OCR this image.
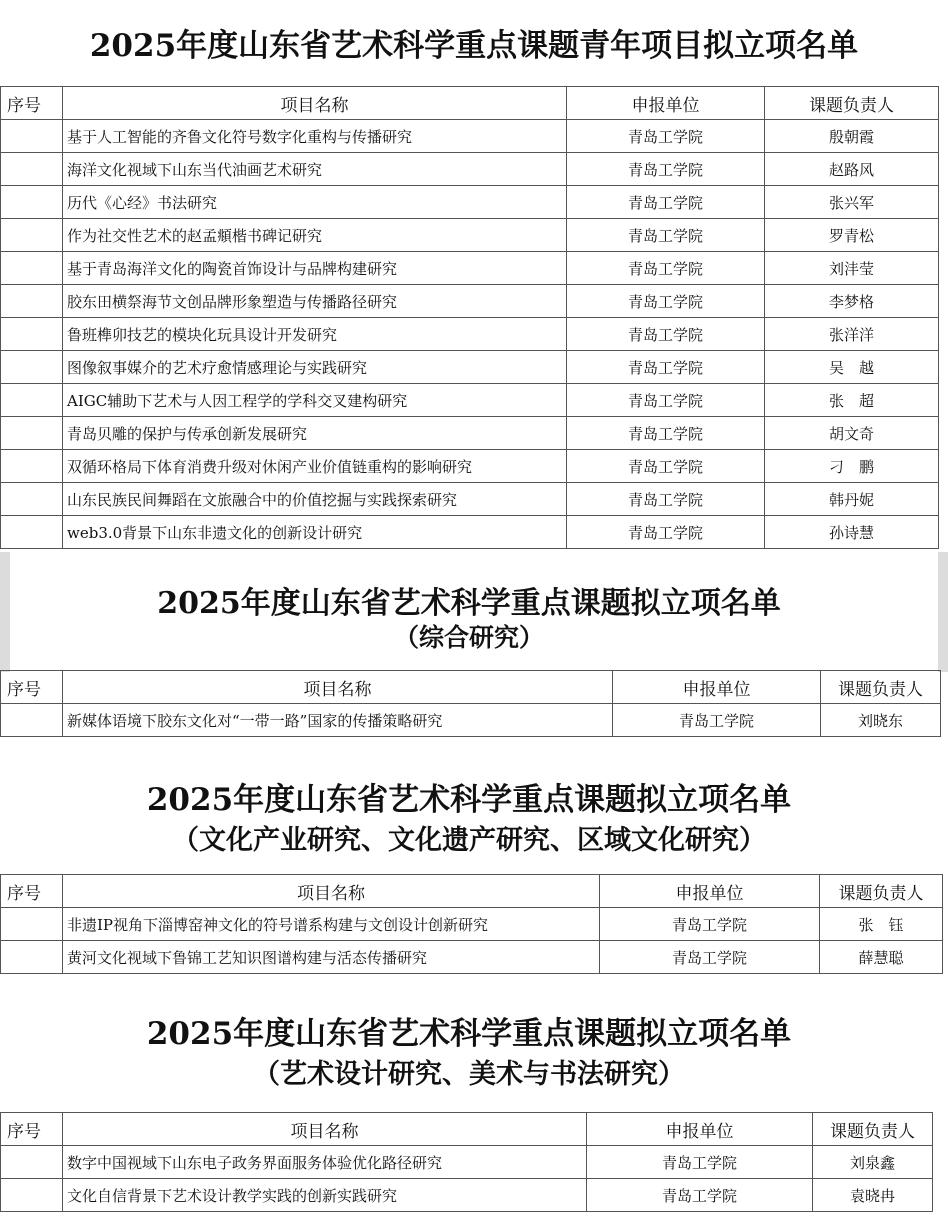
2025年度山东省艺术科学重点课题青年项目拟立项名单
序号	项目名称	申报单位	课题负责人
	基于人工智能的齐鲁文化符号数字化重构与传播研究	青岛工学院	殷朝霞
	海洋文化视域下山东当代油画艺术研究	青岛工学院	赵路风
	历代《心经》书法研究	青岛工学院	张兴军
	作为社交性艺术的赵孟頫楷书碑记研究	青岛工学院	罗青松
	基于青岛海洋文化的陶瓷首饰设计与品牌构建研究	青岛工学院	刘沣莹
	胶东田横祭海节文创品牌形象塑造与传播路径研究	青岛工学院	李梦格
	鲁班榫卯技艺的模块化玩具设计开发研究	青岛工学院	张洋洋
	图像叙事媒介的艺术疗愈情感理论与实践研究	青岛工学院	吴　越
	AIGC辅助下艺术与人因工程学的学科交叉建构研究	青岛工学院	张　超
	青岛贝雕的保护与传承创新发展研究	青岛工学院	胡文奇
	双循环格局下体育消费升级对休闲产业价值链重构的影响研究	青岛工学院	刁　鹏
	山东民族民间舞蹈在文旅融合中的价值挖掘与实践探索研究	青岛工学院	韩丹妮
	web3.0背景下山东非遗文化的创新设计研究	青岛工学院	孙诗慧
2025年度山东省艺术科学重点课题拟立项名单
（综合研究）
序号	项目名称	申报单位	课题负责人
	新媒体语境下胶东文化对“一带一路”国家的传播策略研究	青岛工学院	刘晓东
2025年度山东省艺术科学重点课题拟立项名单
（文化产业研究、文化遗产研究、区域文化研究）
序号	项目名称	申报单位	课题负责人
	非遗IP视角下淄博窑神文化的符号谱系构建与文创设计创新研究	青岛工学院	张　钰
	黄河文化视域下鲁锦工艺知识图谱构建与活态传播研究	青岛工学院	薛慧聪
2025年度山东省艺术科学重点课题拟立项名单
（艺术设计研究、美术与书法研究）
序号	项目名称	申报单位	课题负责人
	数字中国视域下山东电子政务界面服务体验优化路径研究	青岛工学院	刘泉鑫
	文化自信背景下艺术设计教学实践的创新实践研究	青岛工学院	袁晓冉
